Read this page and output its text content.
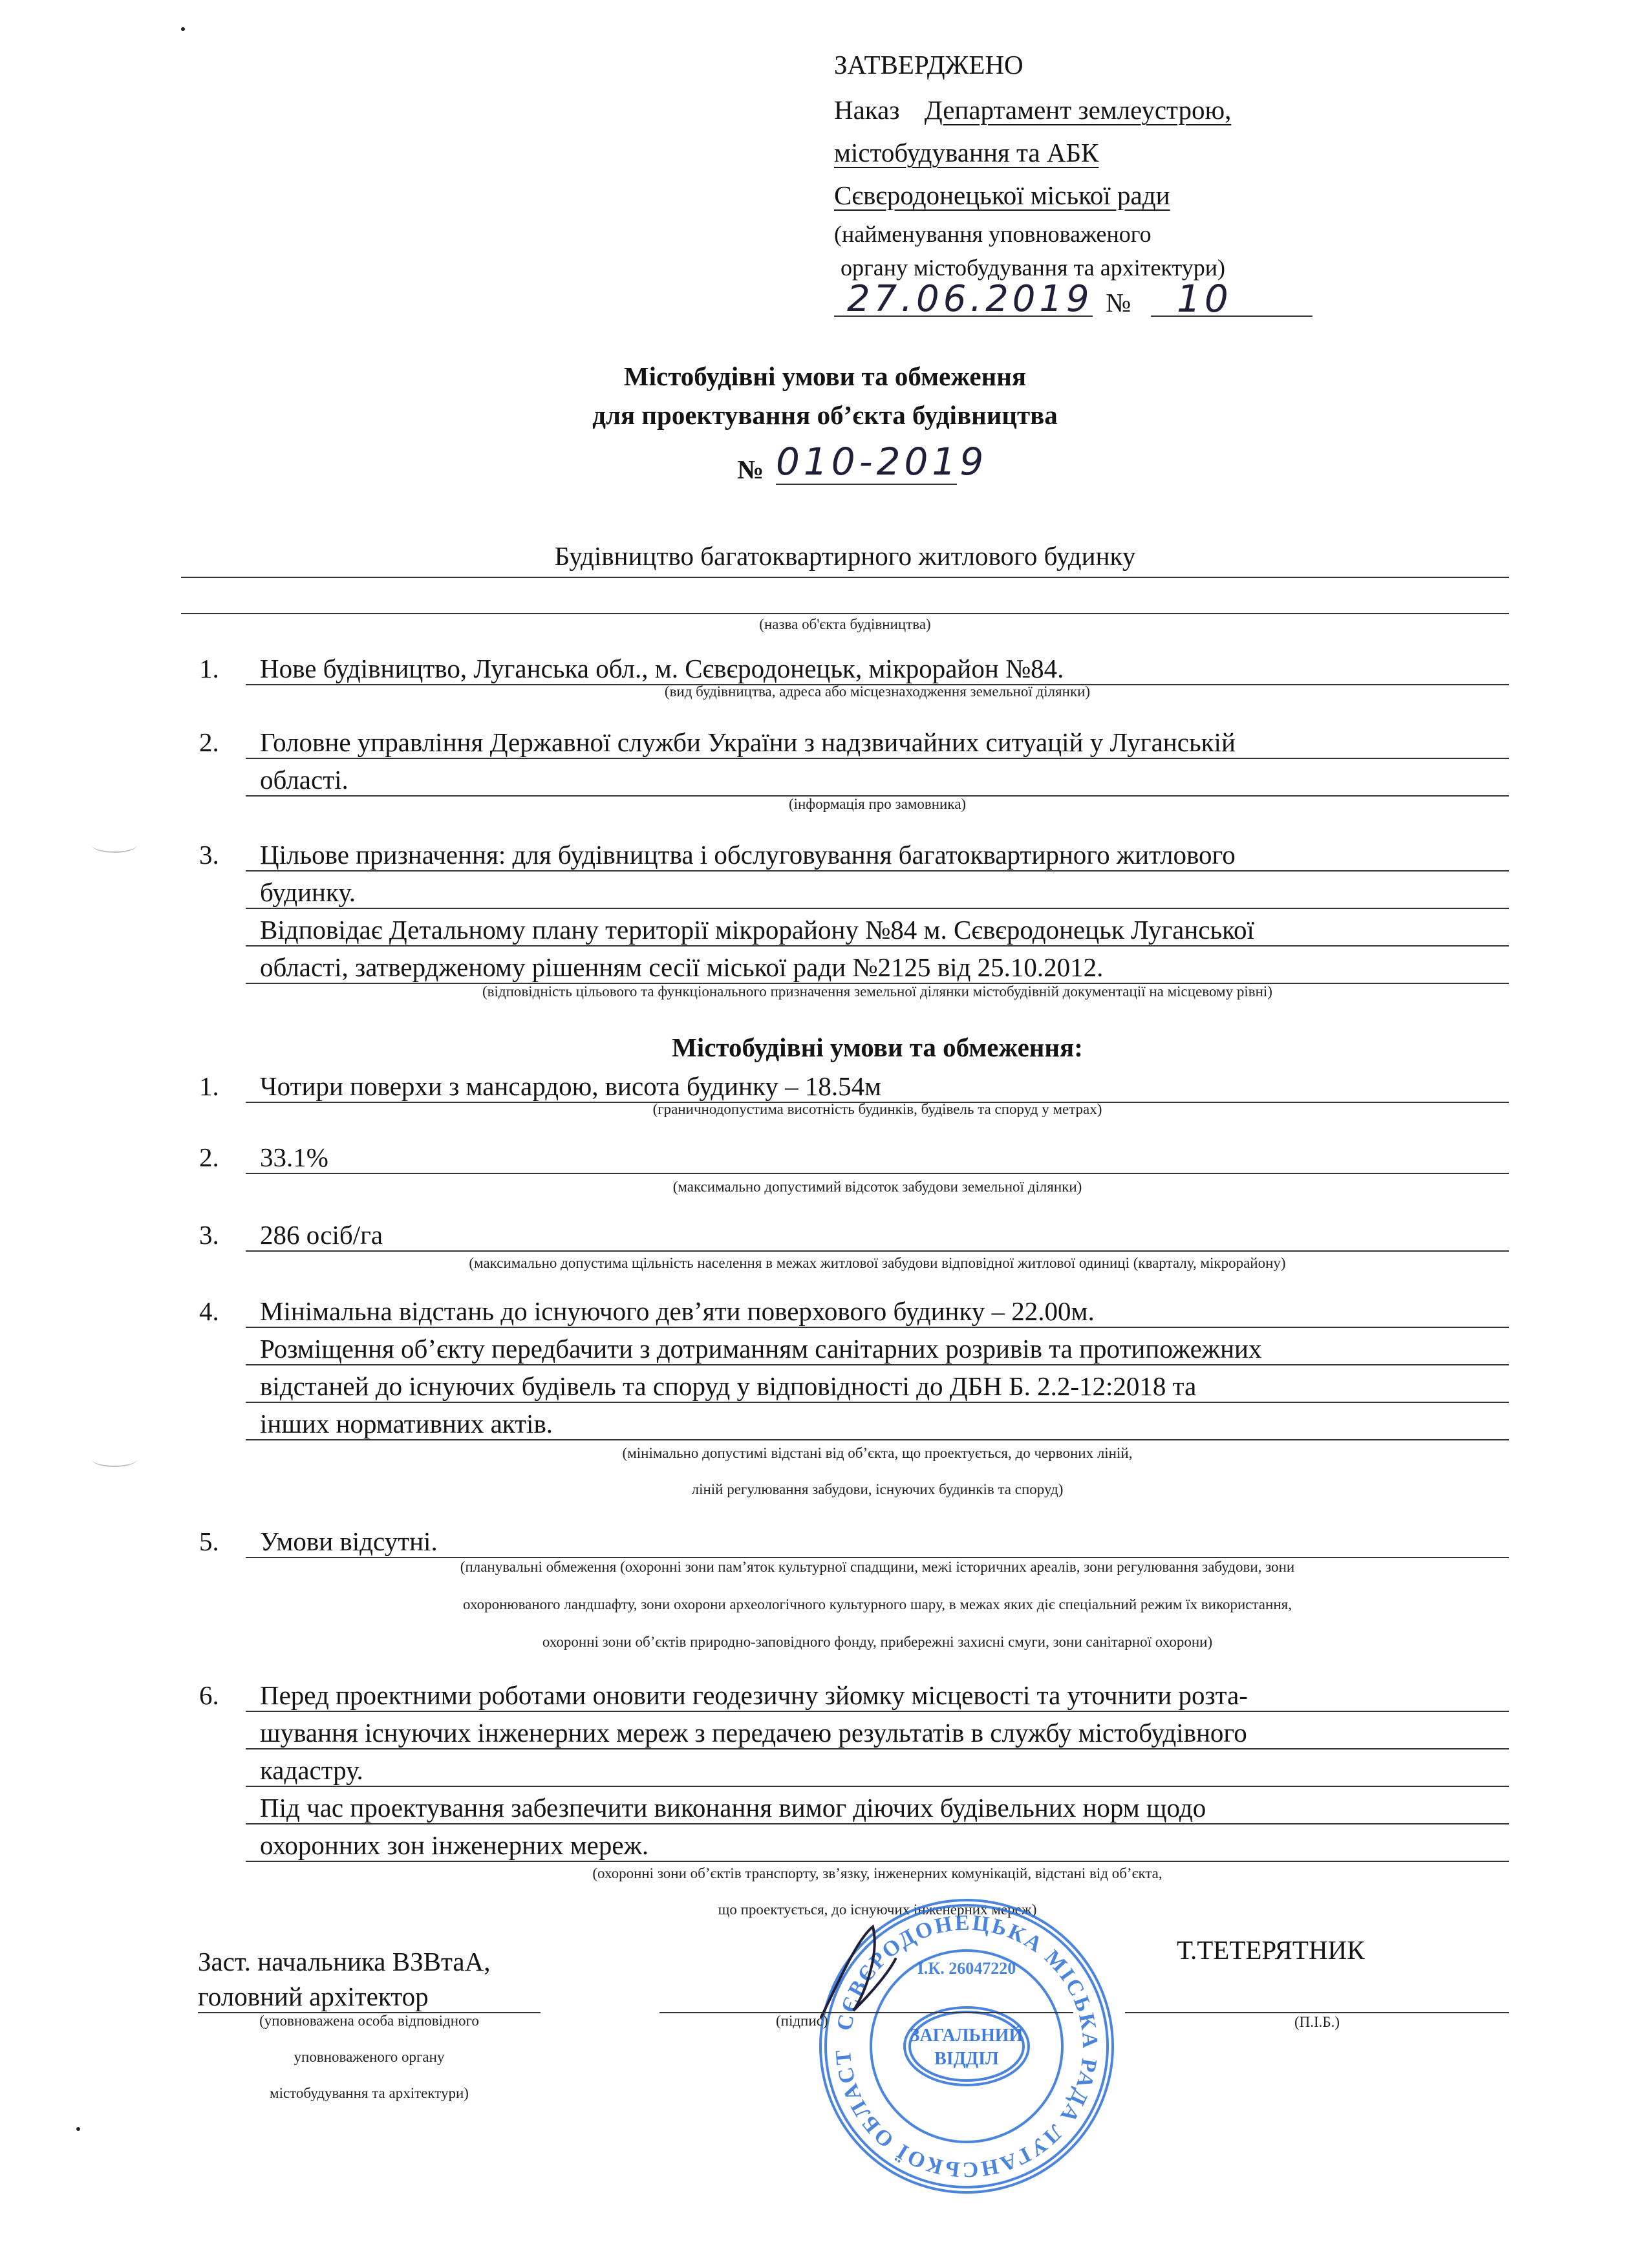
ЗАТВЕРДЖЕНО
Наказ Департамент землеустрою,
містобудування та АБК
Сєвєродонецької міської ради
(найменування уповноваженого
органу містобудування та архітектури)
27.06.2019 № 10
Містобудівні умови та обмеження
для проектування об’єкта будівництва
№ 010-2019
Будівництво багатоквартирного житлового будинку
(назва об'єкта будівництва)
1. Нове будівництво, Луганська обл., м. Сєвєродонецьк, мікрорайон №84.
(вид будівництва, адреса або місцезнаходження земельної ділянки)
2. Головне управління Державної служби України з надзвичайних ситуацій у Луганській
області.
(інформація про замовника)
3. Цільове призначення: для будівництва і обслуговування багатоквартирного житлового
будинку.
Відповідає Детальному плану території мікрорайону №84 м. Сєвєродонецьк Луганської
області, затвердженому рішенням сесії міської ради №2125 від 25.10.2012.
(відповідність цільового та функціонального призначення земельної ділянки містобудівній документації на місцевому рівні)
Містобудівні умови та обмеження:
1. Чотири поверхи з мансардою, висота будинку – 18.54м
(граничнодопустима висотність будинків, будівель та споруд у метрах)
2. 33.1%
(максимально допустимий відсоток забудови земельної ділянки)
3. 286 осіб/га
(максимально допустима щільність населення в межах житлової забудови відповідної житлової одиниці (кварталу, мікрорайону)
4. Мінімальна відстань до існуючого девʼяти поверхового будинку – 22.00м.
Розміщення обʼєкту передбачити з дотриманням санітарних розривів та протипожежних
відстаней до існуючих будівель та споруд у відповідності до ДБН Б. 2.2-12:2018 та
інших нормативних актів.
(мінімально допустимі відстані від об’єкта, що проектується, до червоних ліній,
ліній регулювання забудови, існуючих будинків та споруд)
5. Умови відсутні.
(планувальні обмеження (охоронні зони пам’яток культурної спадщини, межі історичних ареалів, зони регулювання забудови, зони
охоронюваного ландшафту, зони охорони археологічного культурного шару, в межах яких діє спеціальний режим їх використання,
охоронні зони об’єктів природно-заповідного фонду, прибережні захисні смуги, зони санітарної охорони)
6. Перед проектними роботами оновити геодезичну зйомку місцевості та уточнити розта-
шування існуючих інженерних мереж з передачею результатів в службу містобудівного
кадастру.
Під час проектування забезпечити виконання вимог діючих будівельних норм щодо
охоронних зон інженерних мереж.
(охоронні зони об’єктів транспорту, зв’язку, інженерних комунікацій, відстані від об’єкта,
що проектується, до існуючих інженерних мереж)
СЄВЄРОДОНЕЦЬКА МІСЬКА РАДА ЛУГАНСЬКОЇ ОБЛАСТ
І.К. 26047220
ЗАГАЛЬНИЙ
ВІДДІЛ
Заст. начальника ВЗВтаА,
головний архітектор
(уповноважена особа відповідного
уповноваженого органу
містобудування та архітектури)
(підпис)
Т.ТЕТЕРЯТНИК
(П.І.Б.)
